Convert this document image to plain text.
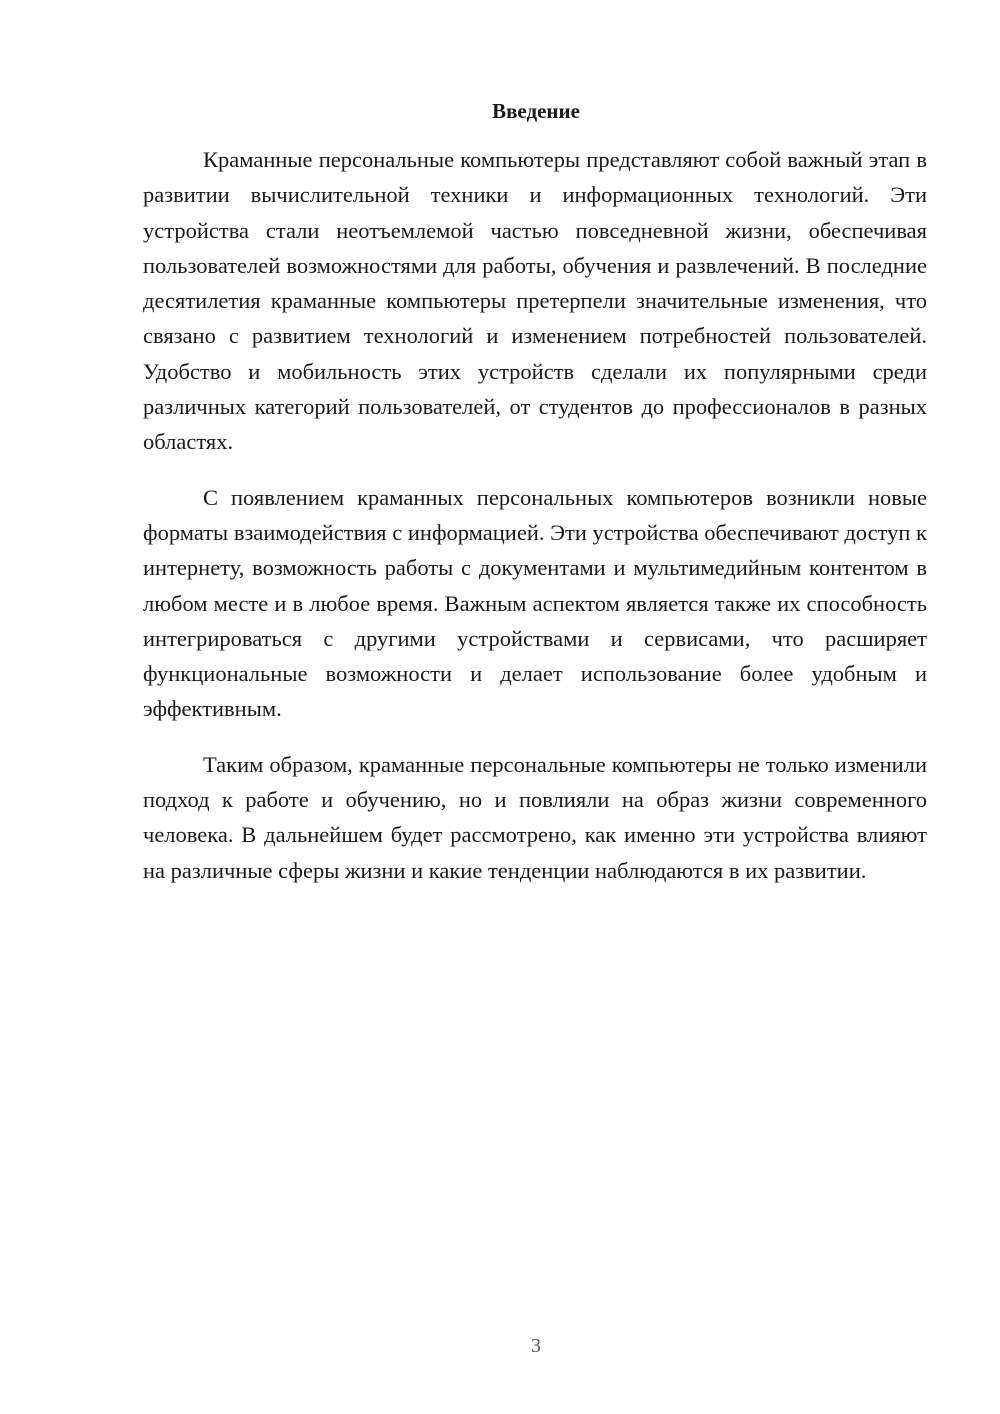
Введение

Краманные персональные компьютеры представляют собой важный этап в развитии вычислительной техники и информационных технологий. Эти устройства стали неотъемлемой частью повседневной жизни, обеспечивая пользователей возможностями для работы, обучения и развлечений. В последние десятилетия краманные компьютеры претерпели значительные изменения, что связано с развитием технологий и изменением потребностей пользователей. Удобство и мобильность этих устройств сделали их популярными среди различных категорий пользователей, от студентов до профессионалов в разных областях.

С появлением краманных персональных компьютеров возникли новые форматы взаимодействия с информацией. Эти устройства обеспечивают доступ к интернету, возможность работы с документами и мультимедийным контентом в любом месте и в любое время. Важным аспектом является также их способность интегрироваться с другими устройствами и сервисами, что расширяет функциональные возможности и делает использование более удобным и эффективным.

Таким образом, краманные персональные компьютеры не только изменили подход к работе и обучению, но и повлияли на образ жизни современного человека. В дальнейшем будет рассмотрено, как именно эти устройства влияют на различные сферы жизни и какие тенденции наблюдаются в их развитии.

3
